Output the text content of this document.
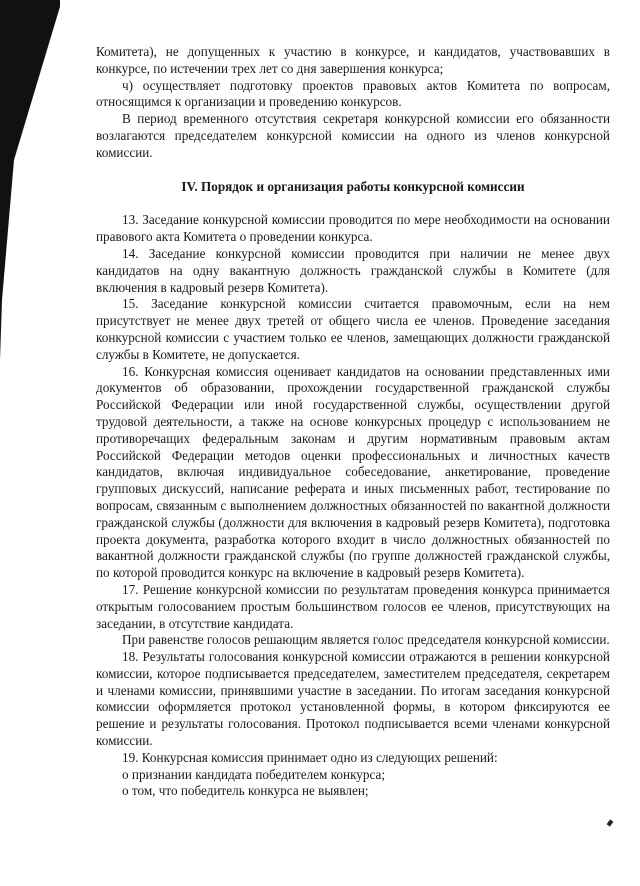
Комитета), не допущенных к участию в конкурсе, и кандидатов, участвовавших в конкурсе, по истечении трех лет со дня завершения конкурса;

ч) осуществляет подготовку проектов правовых актов Комитета по вопросам, относящимся к организации и проведению конкурсов.

В период временного отсутствия секретаря конкурсной комиссии его обязанности возлагаются председателем конкурсной комиссии на одного из членов конкурсной комиссии.

IV. Порядок и организация работы конкурсной комиссии

13. Заседание конкурсной комиссии проводится по мере необходимости на основании правового акта Комитета о проведении конкурса.

14. Заседание конкурсной комиссии проводится при наличии не менее двух кандидатов на одну вакантную должность гражданской службы в Комитете (для включения в кадровый резерв Комитета).

15. Заседание конкурсной комиссии считается правомочным, если на нем присутствует не менее двух третей от общего числа ее членов. Проведение заседания конкурсной комиссии с участием только ее членов, замещающих должности гражданской службы в Комитете, не допускается.

16. Конкурсная комиссия оценивает кандидатов на основании представленных ими документов об образовании, прохождении государственной гражданской службы Российской Федерации или иной государственной службы, осуществлении другой трудовой деятельности, а также на основе конкурсных процедур с использованием не противоречащих федеральным законам и другим нормативным правовым актам Российской Федерации методов оценки профессиональных и личностных качеств кандидатов, включая индивидуальное собеседование, анкетирование, проведение групповых дискуссий, написание реферата и иных письменных работ, тестирование по вопросам, связанным с выполнением должностных обязанностей по вакантной должности гражданской службы (должности для включения в кадровый резерв Комитета), подготовка проекта документа, разработка которого входит в число должностных обязанностей по вакантной должности гражданской службы (по группе должностей гражданской службы, по которой проводится конкурс на включение в кадровый резерв Комитета).

17. Решение конкурсной комиссии по результатам проведения конкурса принимается открытым голосованием простым большинством голосов ее членов, присутствующих на заседании, в отсутствие кандидата.

При равенстве голосов решающим является голос председателя конкурсной комиссии.

18. Результаты голосования конкурсной комиссии отражаются в решении конкурсной комиссии, которое подписывается председателем, заместителем председателя, секретарем и членами комиссии, принявшими участие в заседании. По итогам заседания конкурсной комиссии оформляется протокол установленной формы, в котором фиксируются ее решение и результаты голосования. Протокол подписывается всеми членами конкурсной комиссии.

19. Конкурсная комиссия принимает одно из следующих решений:

о признании кандидата победителем конкурса;

о том, что победитель конкурса не выявлен;
